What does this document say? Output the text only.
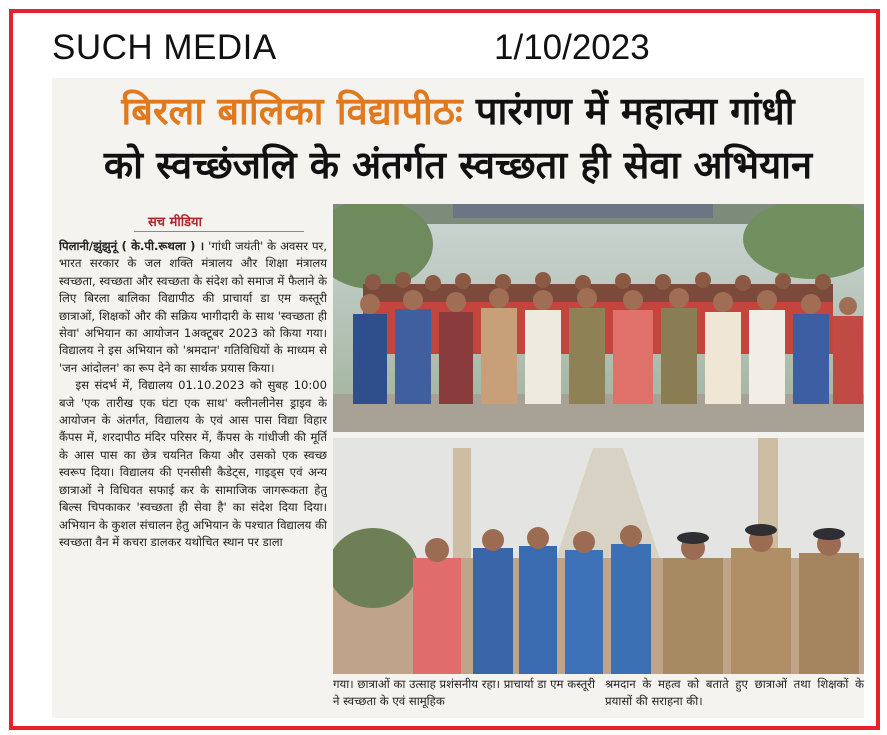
SUCH MEDIA	1/10/2023
बिरला बालिका विद्यापीठः पारंगण में महात्मा गांधी
को स्वच्छंजलि के अंतर्गत स्वच्छता ही सेवा अभियान
सच मीडिया

पिलानी/झुंझुनूं ( के.पी.रूथला ) । 'गांधी जयंती' के अवसर पर, भारत सरकार के जल शक्ति मंत्रालय और शिक्षा मंत्रालय स्वच्छता, स्वच्छता और स्वच्छता के संदेश को समाज में फैलाने के लिए बिरला बालिका विद्यापीठ की प्राचार्या डा एम कस्तूरी छात्राओं, शिक्षकों और की सक्रिय भागीदारी के साथ 'स्वच्छता ही सेवा' अभियान का आयोजन 1अक्टूबर 2023 को किया गया। विद्यालय ने इस अभियान को 'श्रमदान' गतिविधियों के माध्यम से 'जन आंदोलन' का रूप देने का सार्थक प्रयास किया।

इस संदर्भ में, विद्यालय 01.10.2023 को सुबह 10:00 बजे 'एक तारीख एक घंटा एक साथ' क्लीनलीनेस ड्राइव के आयोजन के अंतर्गत, विद्यालय के एवं आस पास विद्या विहार कैंपस में, शरदापीठ मंदिर परिसर में, कैंपस के गांधीजी की मूर्ति के आस पास का छेत्र चयनित किया और उसको एक स्वच्छ स्वरूप दिया। विद्यालय की एनसीसी कैडेट्स, गाइड्स एवं अन्य छात्राओं ने विधिवत सफाई कर के सामाजिक जागरूकता हेतु बिल्स चिपकाकर 'स्वच्छता ही सेवा है' का संदेश दिया दिया। अभियान के कुशल संचालन हेतु अभियान के पश्चात विद्यालय की स्वच्छता वैन में कचरा डालकर यथोचित स्थान पर डाला

गया। छात्राओं का उत्साह प्रशंसनीय रहा। प्राचार्या डा एम कस्तूरी ने स्वच्छता के एवं सामूहिक
श्रमदान के महत्व को बताते हुए छात्राओं तथा शिक्षकों के प्रयासों की सराहना की।
